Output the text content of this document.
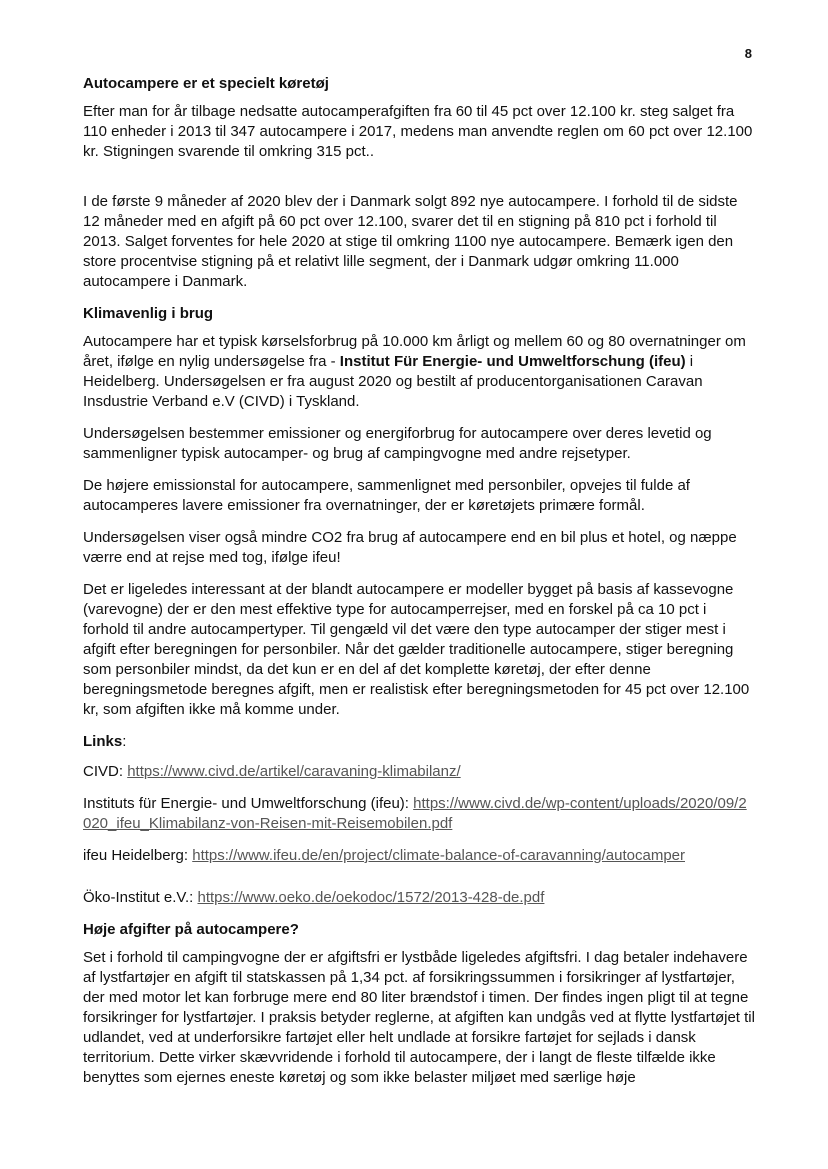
8
Autocampere er et specielt køretøj

Efter man for år tilbage nedsatte autocamperafgiften fra 60 til 45 pct over 12.100 kr. steg salget fra 110 enheder i 2013 til 347 autocampere i 2017, medens man anvendte reglen om 60 pct over 12.100 kr. Stigningen svarende til omkring 315 pct..

I de første 9 måneder af 2020 blev der i Danmark solgt 892 nye autocampere. I forhold til de sidste 12 måneder med en afgift på 60 pct over 12.100, svarer det til en stigning på 810 pct i forhold til 2013. Salget forventes for hele 2020 at stige til omkring 1100 nye autocampere. Bemærk igen den store procentvise stigning på et relativt lille segment, der i Danmark udgør omkring 11.000 autocampere i Danmark.

Klimavenlig i brug

Autocampere har et typisk kørselsforbrug på 10.000 km årligt og mellem 60 og 80 overnatninger om året, ifølge en nylig undersøgelse fra - Institut Für Energie- und Umweltforschung (ifeu) i Heidelberg. Undersøgelsen er fra august 2020 og bestilt af producentorganisationen Caravan Insdustrie Verband e.V (CIVD) i Tyskland.

Undersøgelsen bestemmer emissioner og energiforbrug for autocampere over deres levetid og sammenligner typisk autocamper- og brug af campingvogne med andre rejsetyper.

De højere emissionstal for autocampere, sammenlignet med personbiler, opvejes til fulde af autocamperes lavere emissioner fra overnatninger, der er køretøjets primære formål.

Undersøgelsen viser også mindre CO2 fra brug af autocampere end en bil plus et hotel, og næppe værre end at rejse med tog, ifølge ifeu!

Det er ligeledes interessant at der blandt autocampere er modeller bygget på basis af kassevogne (varevogne) der er den mest effektive type for autocamperrejser, med en forskel på ca 10 pct i forhold til andre autocampertyper. Til gengæld vil det være den type autocamper der stiger mest i afgift efter beregningen for personbiler. Når det gælder traditionelle autocampere, stiger beregning som personbiler mindst, da det kun er en del af det komplette køretøj, der efter denne beregningsmetode beregnes afgift, men er realistisk efter beregningsmetoden for 45 pct over 12.100 kr, som afgiften ikke må komme under.

Links:
CIVD: https://www.civd.de/artikel/caravaning-klimabilanz/
Instituts für Energie- und Umweltforschung (ifeu): https://www.civd.de/wp-content/uploads/2020/09/2020_ifeu_Klimabilanz-von-Reisen-mit-Reisemobilen.pdf
ifeu Heidelberg: https://www.ifeu.de/en/project/climate-balance-of-caravanning/autocamper
Öko-Institut e.V.: https://www.oeko.de/oekodoc/1572/2013-428-de.pdf
Høje afgifter på autocampere?

Set i forhold til campingvogne der er afgiftsfri er lystbåde ligeledes afgiftsfri. I dag betaler indehavere af lystfartøjer en afgift til statskassen på 1,34 pct. af forsikringssummen i forsikringer af lystfartøjer, der med motor let kan forbruge mere end 80 liter brændstof i timen. Der findes ingen pligt til at tegne forsikringer for lystfartøjer. I praksis betyder reglerne, at afgiften kan undgås ved at flytte lystfartøjet til udlandet, ved at underforsikre fartøjet eller helt undlade at forsikre fartøjet for sejlads i dansk territorium. Dette virker skævvridende i forhold til autocampere, der i langt de fleste tilfælde ikke benyttes som ejernes eneste køretøj og som ikke belaster miljøet med særlige høje
